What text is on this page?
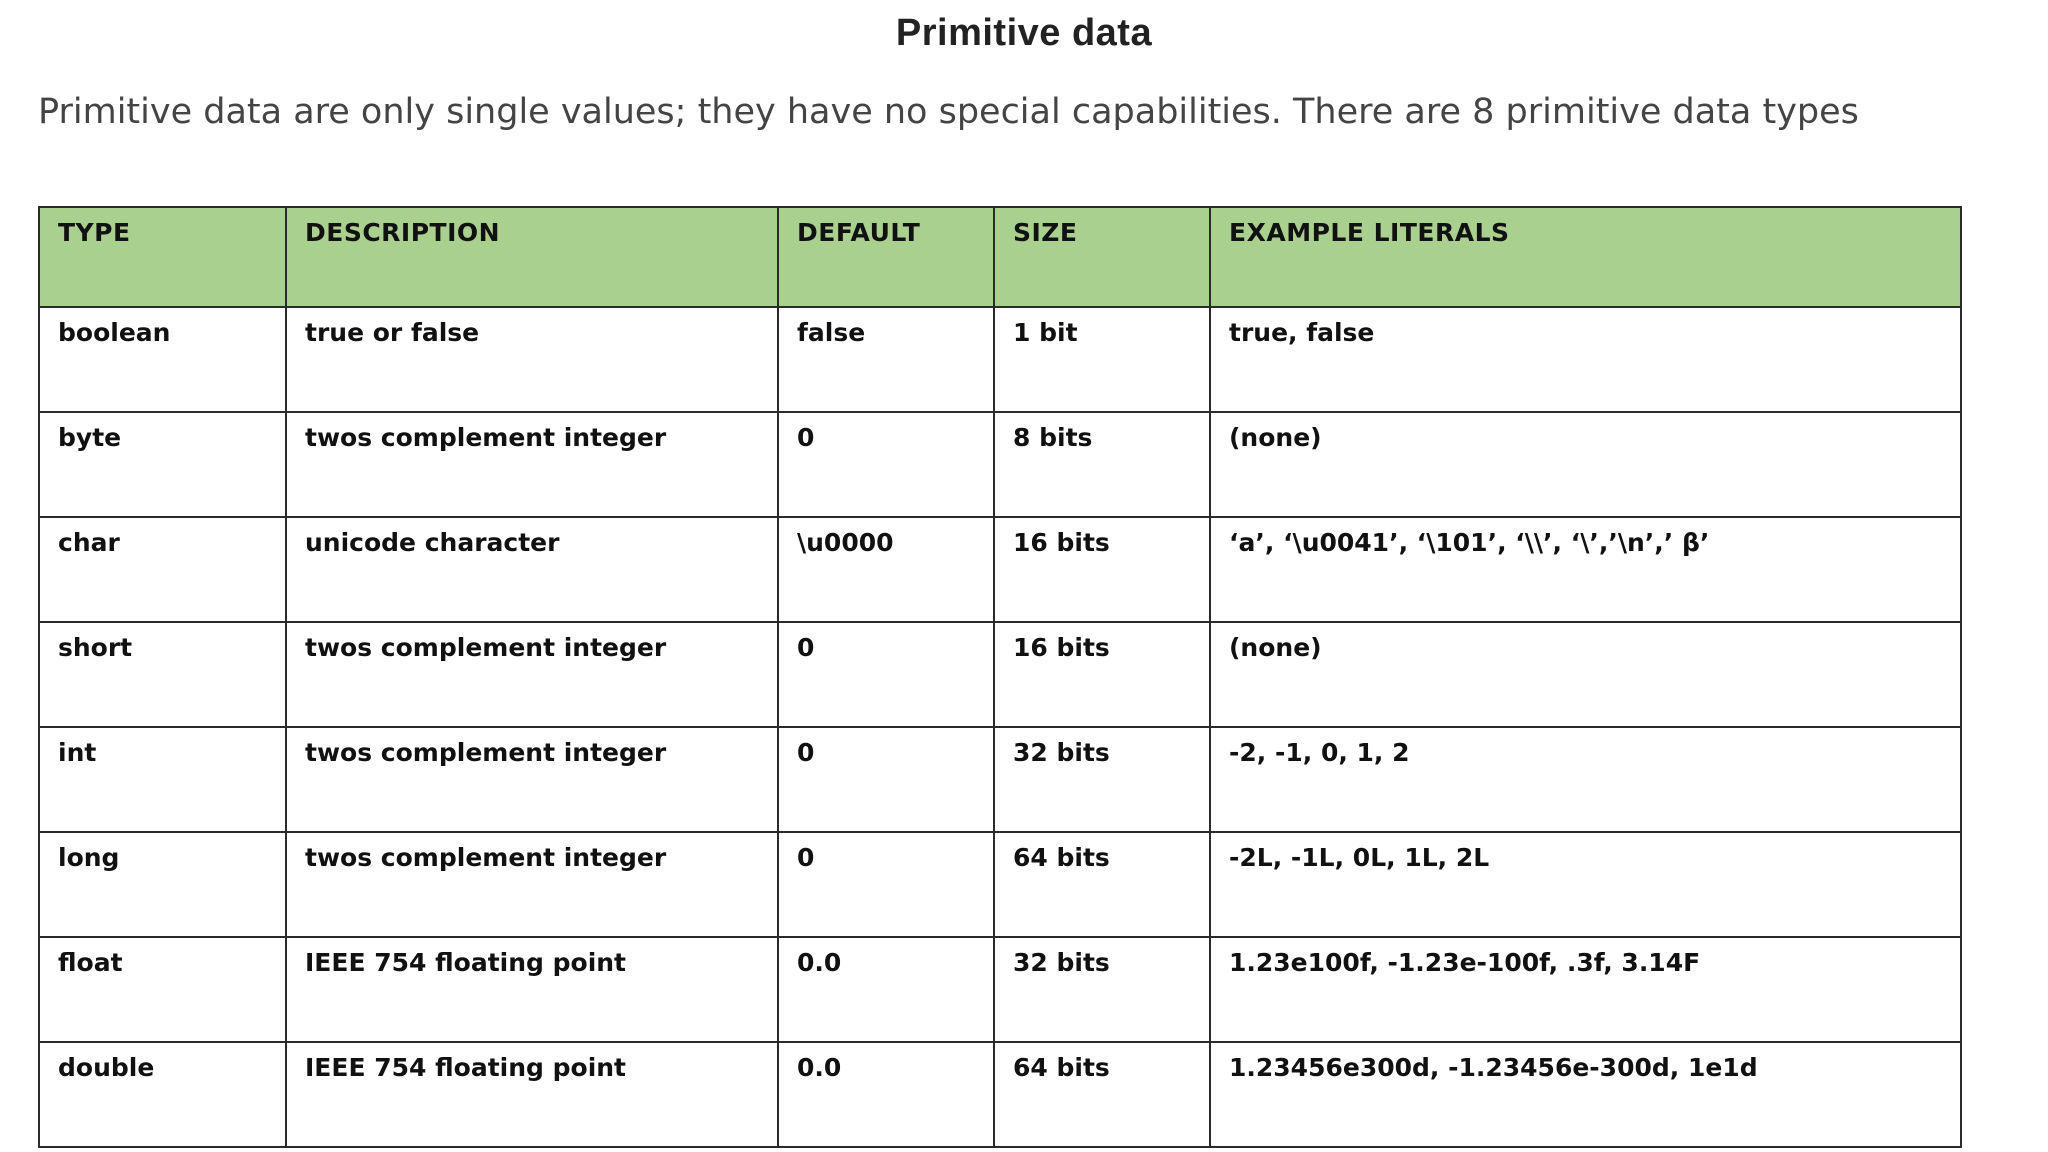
Primitive data
Primitive data are only single values; they have no special capabilities. There are 8 primitive data types
TYPE	DESCRIPTION	DEFAULT	SIZE	EXAMPLE LITERALS
boolean	true or false	false	1 bit	true, false
byte	twos complement integer	0	8 bits	(none)
char	unicode character	\u0000	16 bits	‘a’, ‘\u0041’, ‘\101’, ‘\\’, ‘\’,’\n’,’ β’
short	twos complement integer	0	16 bits	(none)
int	twos complement integer	0	32 bits	-2, -1, 0, 1, 2
long	twos complement integer	0	64 bits	-2L, -1L, 0L, 1L, 2L
float	IEEE 754 floating point	0.0	32 bits	1.23e100f, -1.23e-100f, .3f, 3.14F
double	IEEE 754 floating point	0.0	64 bits	1.23456e300d, -1.23456e-300d, 1e1d
